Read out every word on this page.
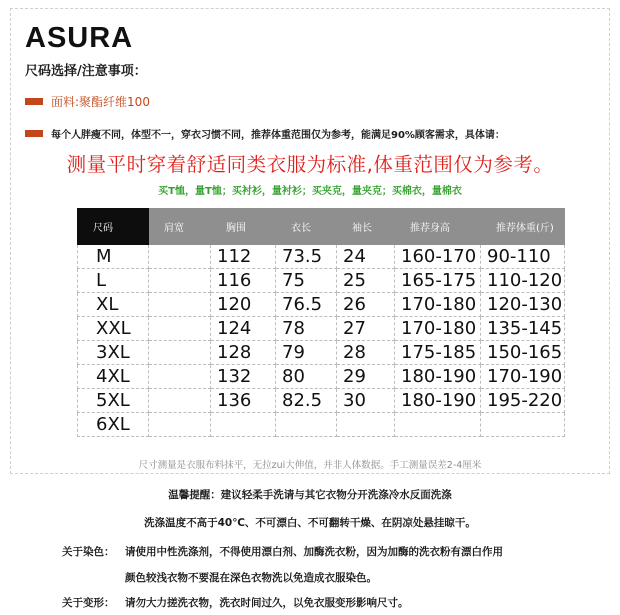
ASURA
尺码选择/注意事项：
面料:聚酯纤维100
每个人胖瘦不同，体型不一，穿衣习惯不同，推荐体重范围仅为参考，能满足90%顾客需求，具体请：
测量平时穿着舒适同类衣服为标准,体重范围仅为参考。
买T恤，量T恤；买衬衫，量衬衫；买夹克，量夹克；买棉衣，量棉衣
尺码	肩宽	胸围	衣长	袖长	推荐身高	推荐体重(斤)
M		112	73.5	24	160-170	90-110
L		116	75	25	165-175	110-120
XL		120	76.5	26	170-180	120-130
XXL		124	78	27	170-180	135-145
3XL		128	79	28	175-185	150-165
4XL		132	80	29	180-190	170-190
5XL		136	82.5	30	180-190	195-220
6XL						
尺寸测量是衣服布料抹平，无拉zui大伸值，并非人体数据。手工测量误差2-4厘米
温馨提醒：建议轻柔手洗请与其它衣物分开洗涤冷水反面洗涤
洗涤温度不高于40℃、不可漂白、不可翻转干燥、在阴凉处悬挂晾干。
关于染色： 请使用中性洗涤剂，不得使用漂白剂、加酶洗衣粉，因为加酶的洗衣粉有漂白作用
颜色较浅衣物不要混在深色衣物洗以免造成衣服染色。
关于变形： 请勿大力搓洗衣物，洗衣时间过久，以免衣服变形影响尺寸。
